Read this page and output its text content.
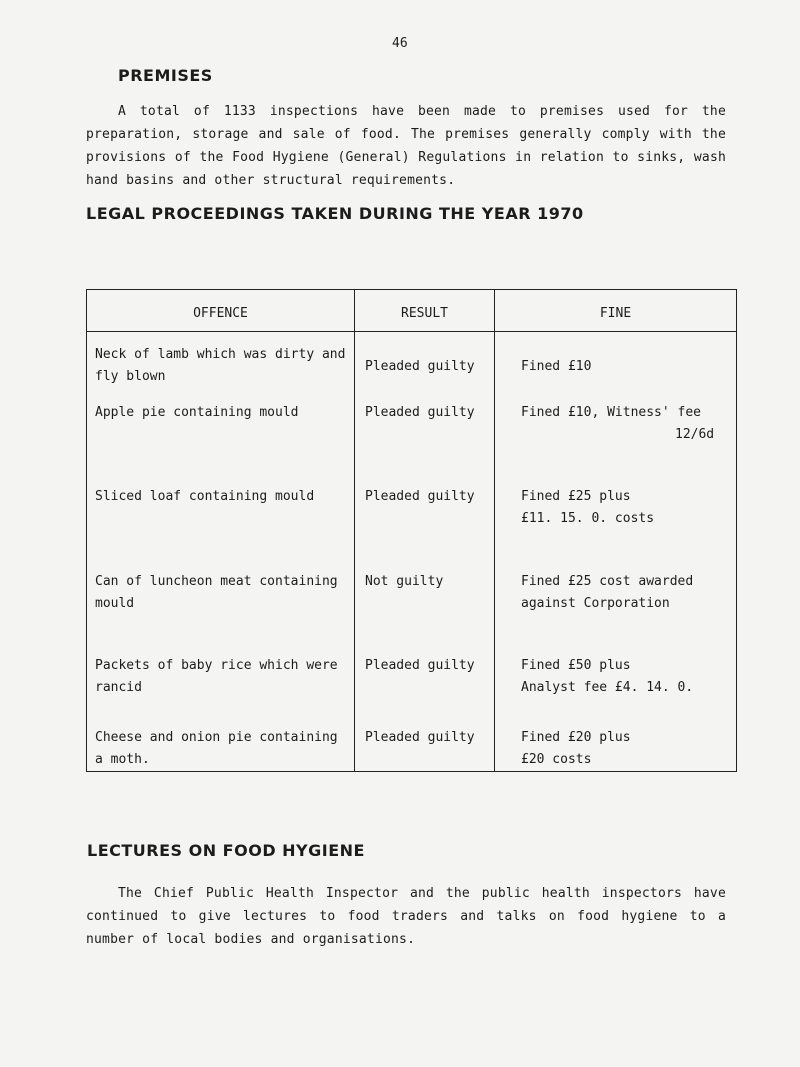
46
PREMISES
A total of 1133 inspections have been made to premises used for the preparation, storage and sale of food. The premises generally comply with the provisions of the Food Hygiene (General) Regulations in relation to sinks, wash hand basins and other structural requirements.
LEGAL PROCEEDINGS TAKEN DURING THE YEAR 1970
OFFENCE	RESULT	FINE
Neck of lamb which was dirty and fly blown	Pleaded guilty	Fined £10

Apple pie containing mould	Pleaded guilty	Fined £10, Witness' fee
12/6d

Sliced loaf containing mould	Pleaded guilty	Fined £25 plus
£11. 15. 0. costs

Can of luncheon meat containing mould	Not guilty	Fined £25 cost awarded
against Corporation

Packets of baby rice which were rancid	Pleaded guilty	Fined £50 plus
Analyst fee £4. 14. 0.

Cheese and onion pie containing a moth.	Pleaded guilty	Fined £20 plus
£20 costs
LECTURES ON FOOD HYGIENE
The Chief Public Health Inspector and the public health inspectors have continued to give lectures to food traders and talks on food hygiene to a number of local bodies and organisations.
